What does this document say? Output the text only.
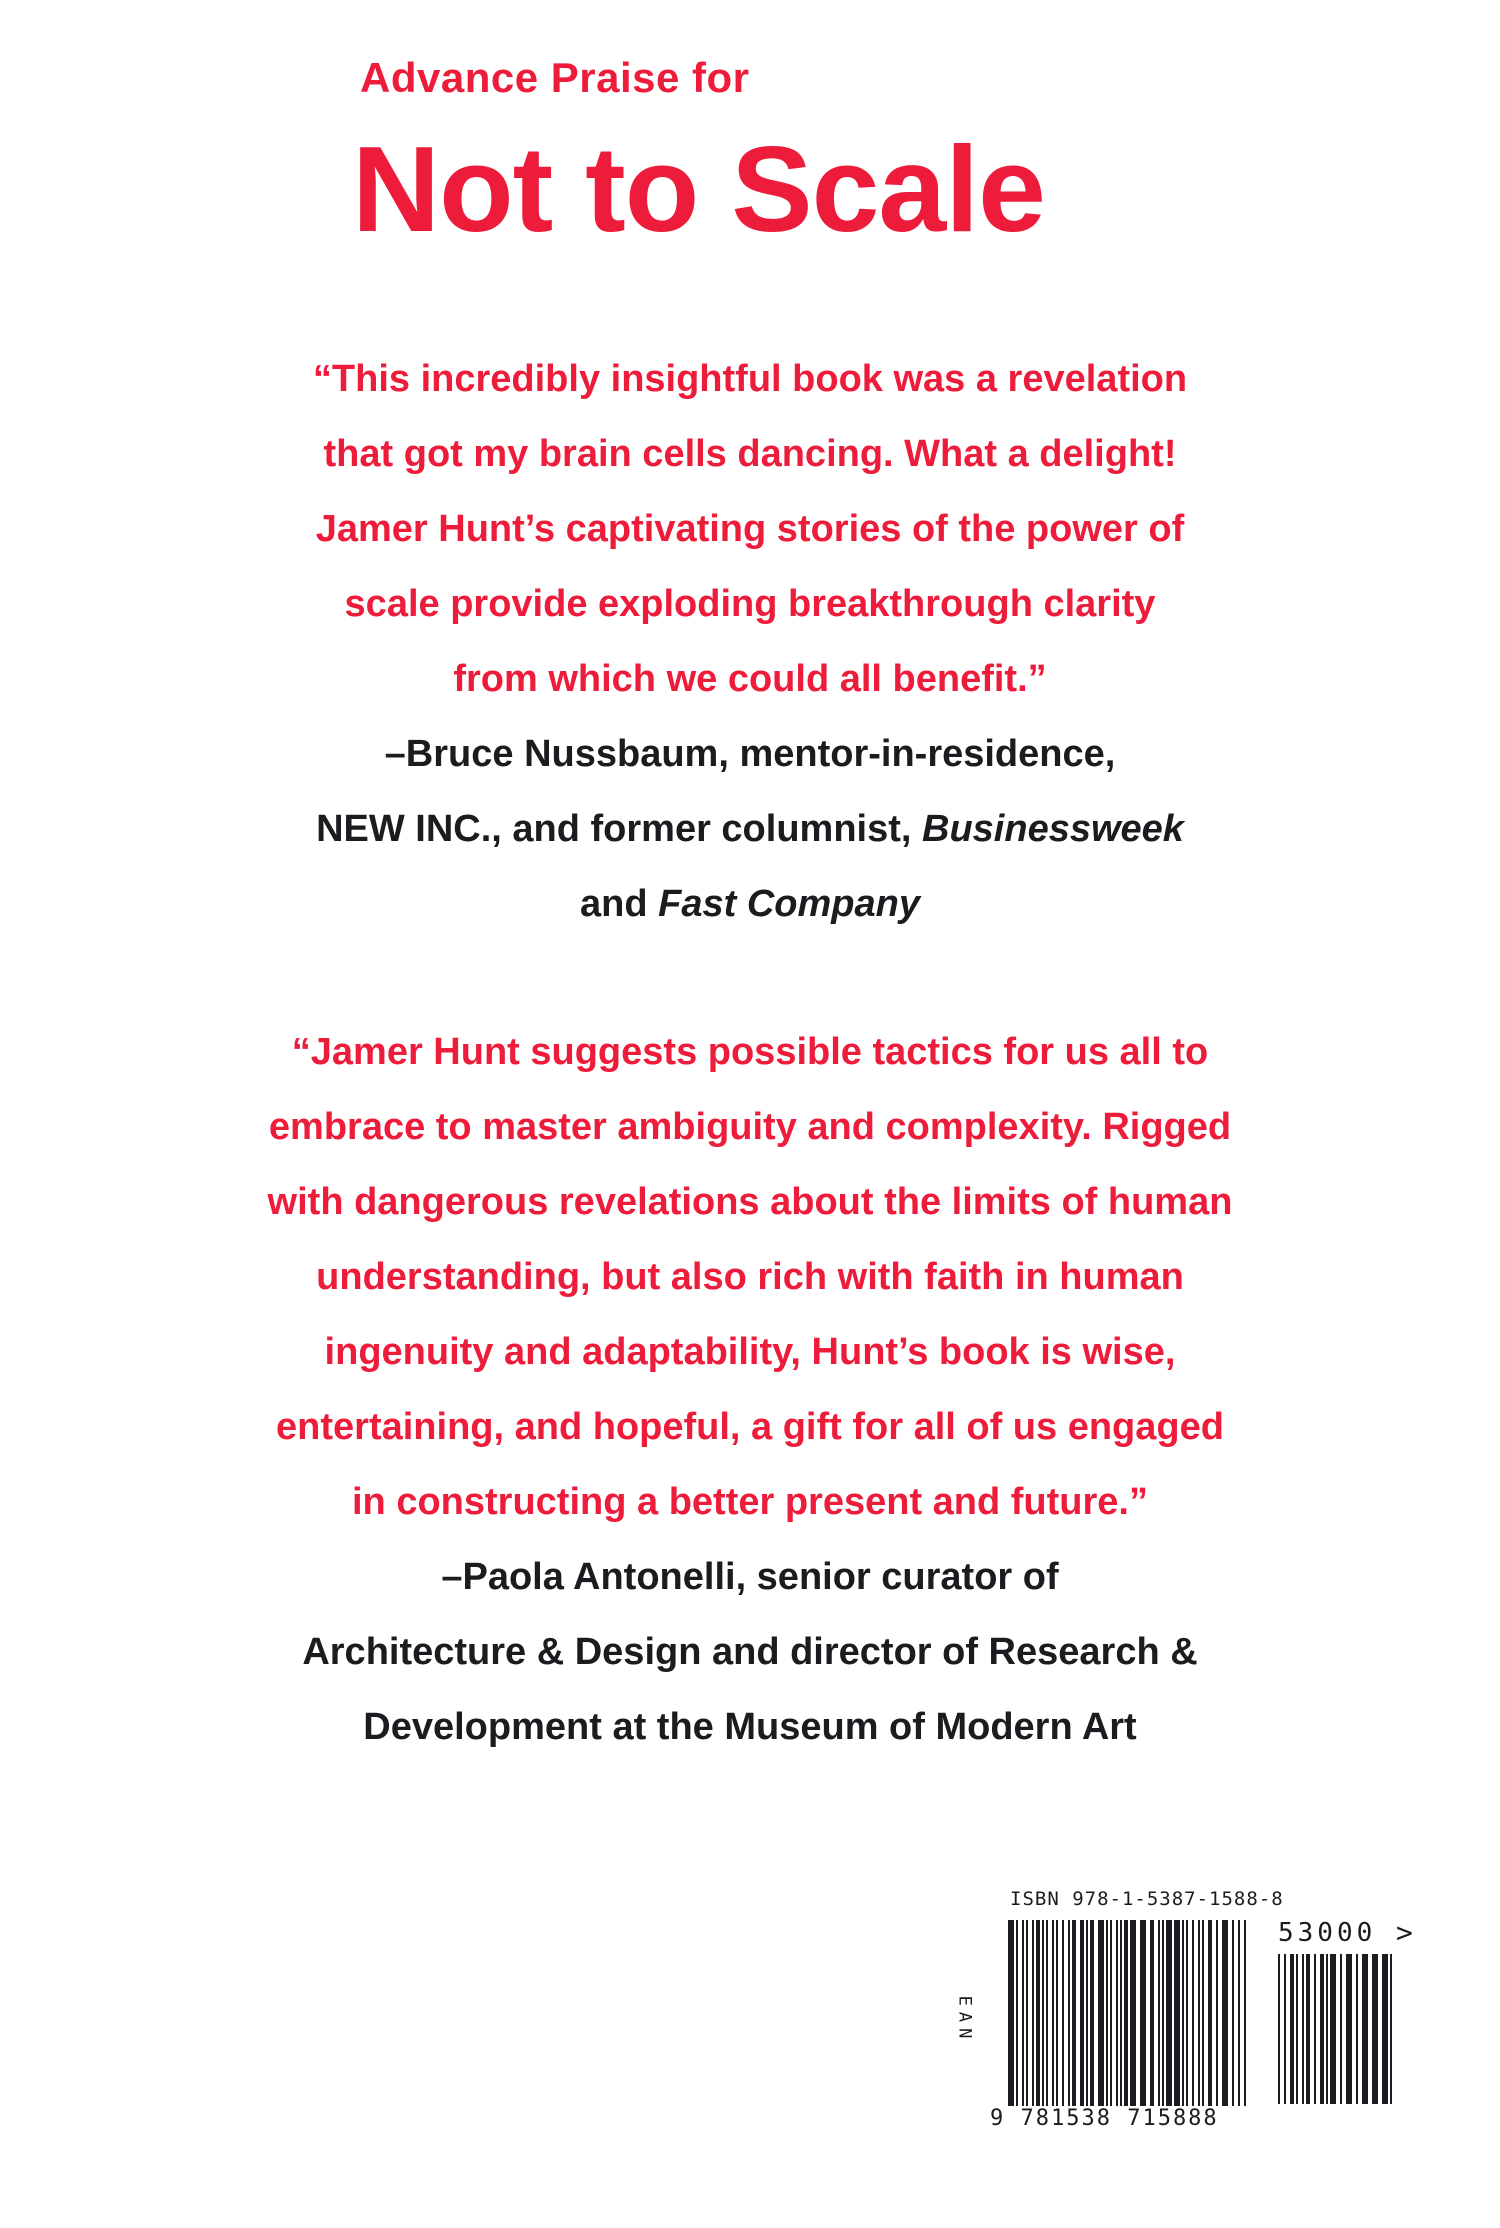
Advance Praise for
Not to Scale
“This incredibly insightful book was a revelation
that got my brain cells dancing. What a delight!
Jamer Hunt’s captivating stories of the power of
scale provide exploding breakthrough clarity
from which we could all benefit.”
–Bruce Nussbaum, mentor-in-residence,
NEW INC., and former columnist, Businessweek
and Fast Company
“Jamer Hunt suggests possible tactics for us all to
embrace to master ambiguity and complexity. Rigged
with dangerous revelations about the limits of human
understanding, but also rich with faith in human
ingenuity and adaptability, Hunt’s book is wise,
entertaining, and hopeful, a gift for all of us engaged
in constructing a better present and future.”
–Paola Antonelli, senior curator of
Architecture & Design and director of Research &
Development at the Museum of Modern Art
ISBN 978-1-5387-1588-8
EAN
9 781538 715888
53000 >
